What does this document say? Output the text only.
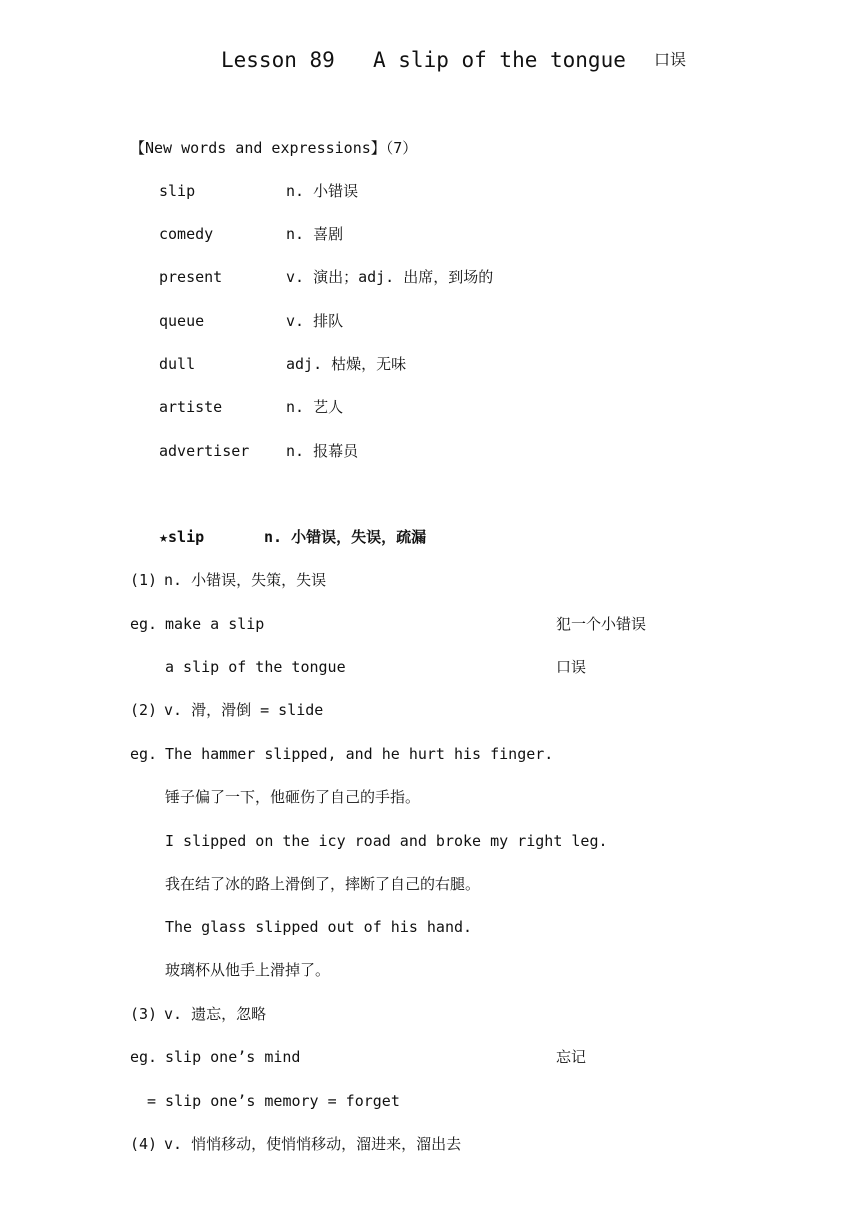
Lesson 89 A slip of the tongue 口误
【New words and expressions】（7）
slip	n. 小错误
comedy	n. 喜剧
present	v. 演出；adj. 出席，到场的
queue	v. 排队
dull	adj. 枯燥，无味
artiste	n. 艺人
advertiser n. 报幕员
★slip	n. 小错误，失误，疏漏
(1) n. 小错误，失策，失误
eg. make a slip	犯一个小错误
a slip of the tongue	口误
(2) v. 滑，滑倒 = slide
eg. The hammer slipped, and he hurt his finger.
锤子偏了一下，他砸伤了自己的手指。
I slipped on the icy road and broke my right leg.
我在结了冰的路上滑倒了，摔断了自己的右腿。
The glass slipped out of his hand.
玻璃杯从他手上滑掉了。
(3) v. 遗忘，忽略
eg. slip one’s mind	忘记
= slip one’s memory = forget
(4) v. 悄悄移动，使悄悄移动，溜进来，溜出去
